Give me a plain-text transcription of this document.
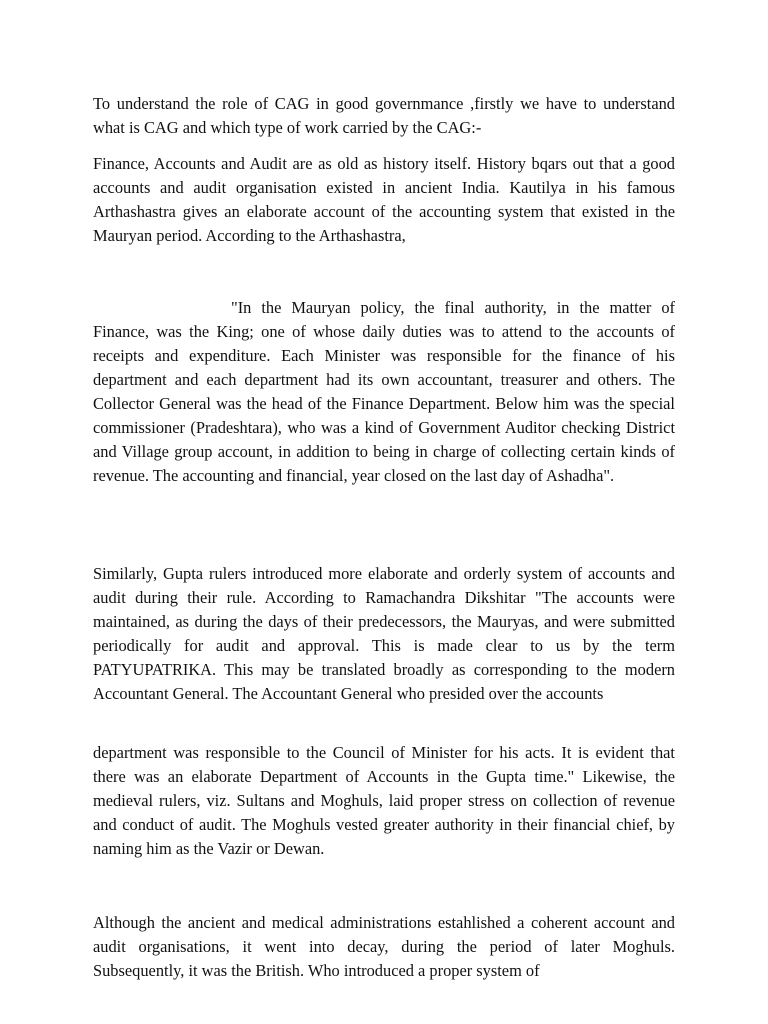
To understand the role of CAG in good governmance ,firstly we have to understand what is CAG and which type of work carried by the CAG:-

Finance, Accounts and Audit are as old as history itself. History bqars out that a good accounts and audit organisation existed in ancient India. Kautilya in his famous Arthashastra gives an elaborate account of the accounting system that existed in the Mauryan period. According to the Arthashastra,

"In the Mauryan policy, the final authority, in the matter of Finance, was the King; one of whose daily duties was to attend to the accounts of receipts and expenditure. Each Minister was responsible for the finance of his department and each department had its own accountant, treasurer and others. The Collector General was the head of the Finance Department. Below him was the special commissioner (Pradeshtara), who was a kind of Government Auditor checking District and Village group account, in addition to being in charge of collecting certain kinds of revenue. The accounting and financial, year closed on the last day of Ashadha".

Similarly, Gupta rulers introduced more elaborate and orderly system of accounts and audit during their rule. According to Ramachandra Dikshitar "The accounts were maintained, as during the days of their predecessors, the Mauryas, and were submitted periodically for audit and approval. This is made clear to us by the term PATYUPATRIKA. This may be translated broadly as corresponding to the modern Accountant General. The Accountant General who presided over the accounts

department was responsible to the Council of Minister for his acts. It is evident that there was an elaborate Department of Accounts in the Gupta time." Likewise, the medieval rulers, viz. Sultans and Moghuls, laid proper stress on collection of revenue and conduct of audit. The Moghuls vested greater authority in their financial chief, by naming him as the Vazir or Dewan.

Although the ancient and medical administrations estahlished a coherent account and audit organisations, it went into decay, during the period of later Moghuls. Subsequently, it was the British. Who introduced a proper system of
